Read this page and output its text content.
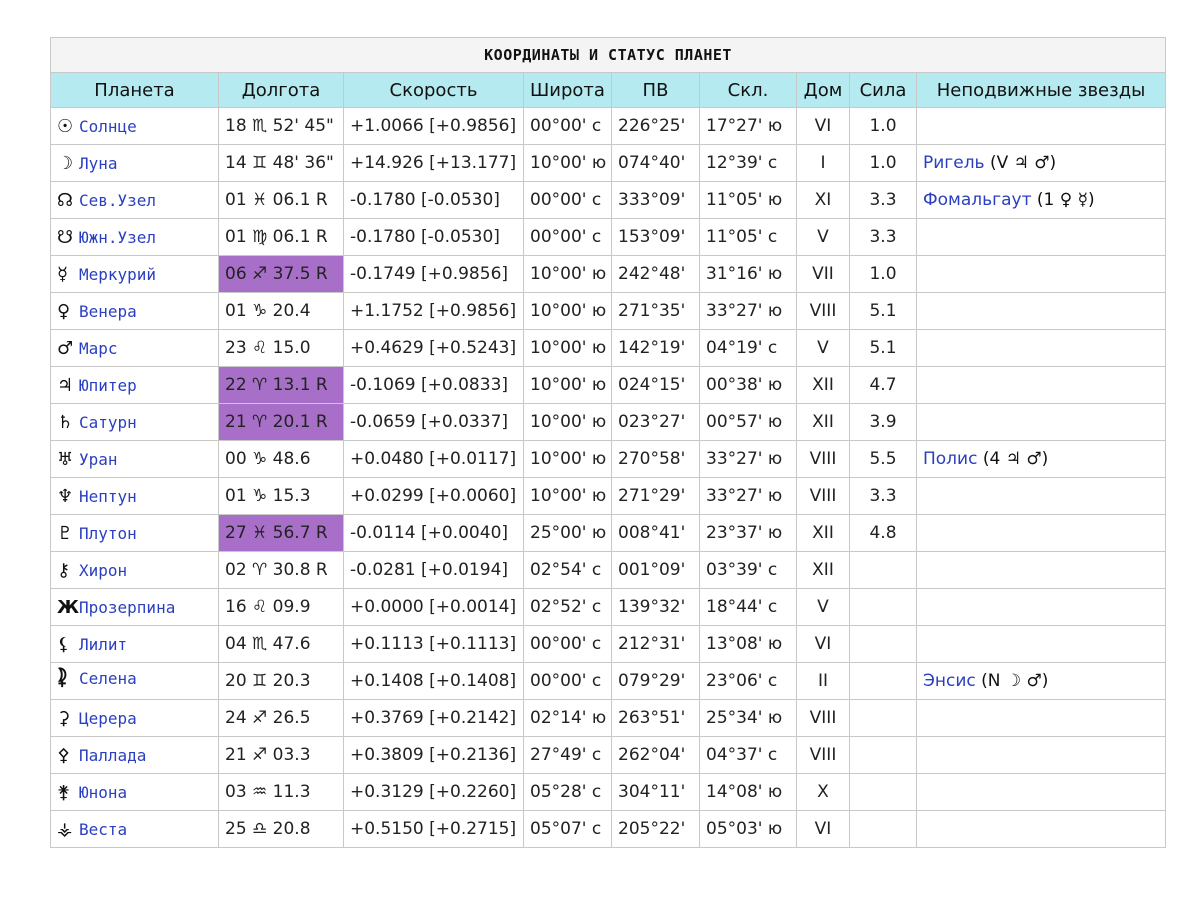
КООРДИНАТЫ И СТАТУС ПЛАНЕТ								
Планета	Долгота	Скорость	Широта	ПВ	Скл.	Дом	Сила	Неподвижные звезды
☉ Солнце	18 ♏ 52' 45"	+1.0066 [+0.9856]	00°00' с	226°25'	17°27' ю	VI	1.0	
☽ Луна	14 ♊ 48' 36"	+14.926 [+13.177]	10°00' ю	074°40'	12°39' с	I	1.0	Ригель (V ♃ ♂)
☊ Сев.Узел	01 ♓ 06.1 R	-0.1780 [-0.0530]	00°00' с	333°09'	11°05' ю	XI	3.3	Фомальгаут (1 ♀ ☿)
☋ Южн.Узел	01 ♍ 06.1 R	-0.1780 [-0.0530]	00°00' с	153°09'	11°05' с	V	3.3	
☿ Меркурий	06 ♐ 37.5 R	-0.1749 [+0.9856]	10°00' ю	242°48'	31°16' ю	VII	1.0	
♀ Венера	01 ♑ 20.4	+1.1752 [+0.9856]	10°00' ю	271°35'	33°27' ю	VIII	5.1	
♂ Марс	23 ♌ 15.0	+0.4629 [+0.5243]	10°00' ю	142°19'	04°19' с	V	5.1	
♃ Юпитер	22 ♈ 13.1 R	-0.1069 [+0.0833]	10°00' ю	024°15'	00°38' ю	XII	4.7	
♄ Сатурн	21 ♈ 20.1 R	-0.0659 [+0.0337]	10°00' ю	023°27'	00°57' ю	XII	3.9	
♅ Уран	00 ♑ 48.6	+0.0480 [+0.0117]	10°00' ю	270°58'	33°27' ю	VIII	5.5	Полис (4 ♃ ♂)
♆ Нептун	01 ♑ 15.3	+0.0299 [+0.0060]	10°00' ю	271°29'	33°27' ю	VIII	3.3	
♇ Плутон	27 ♓ 56.7 R	-0.0114 [+0.0040]	25°00' ю	008°41'	23°37' ю	XII	4.8	
⚷ Хирон	02 ♈ 30.8 R	-0.0281 [+0.0194]	02°54' с	001°09'	03°39' с	XII		
ЖПрозерпина	16 ♌ 09.9	+0.0000 [+0.0014]	02°52' с	139°32'	18°44' с	V		
⚸ Лилит	04 ♏ 47.6	+0.1113 [+0.1113]	00°00' с	212°31'	13°08' ю	VI		
⯝ Селена	20 ♊ 20.3	+0.1408 [+0.1408]	00°00' с	079°29'	23°06' с	II		Энсис (N ☽ ♂)
⚳ Церера	24 ♐ 26.5	+0.3769 [+0.2142]	02°14' ю	263°51'	25°34' ю	VIII		
⚴ Паллада	21 ♐ 03.3	+0.3809 [+0.2136]	27°49' с	262°04'	04°37' с	VIII		
⚵ Юнона	03 ♒ 11.3	+0.3129 [+0.2260]	05°28' с	304°11'	14°08' ю	X		
⚶ Веста	25 ♎ 20.8	+0.5150 [+0.2715]	05°07' с	205°22'	05°03' ю	VI		
